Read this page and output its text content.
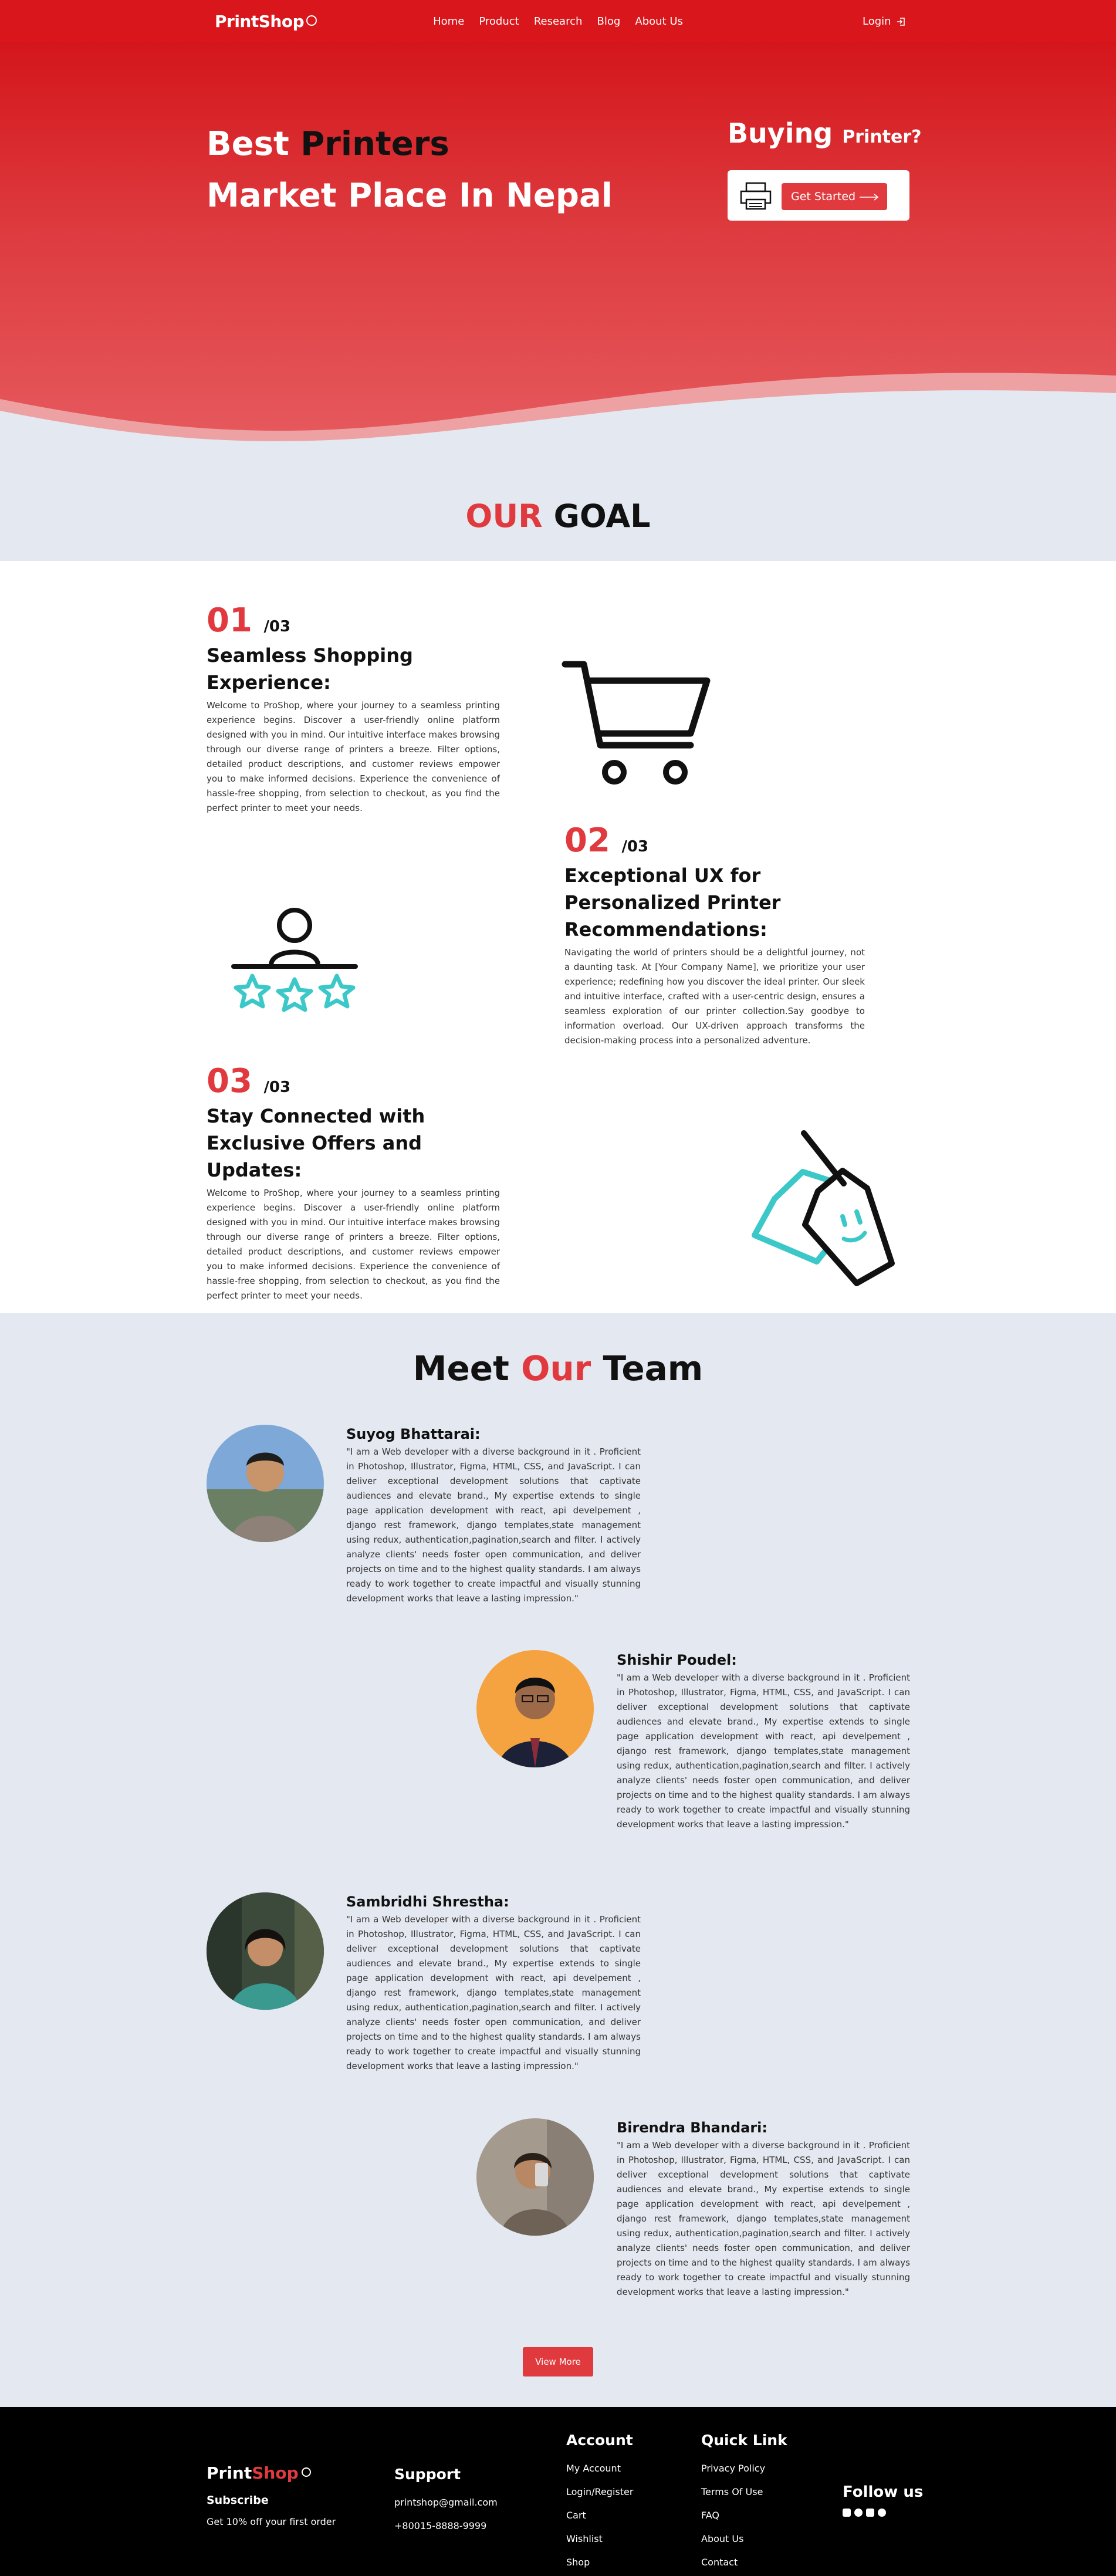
PrintShop	Home Product Research Blog About Us	Login
Best Printers
Market Place In Nepal
Buying Printer?
Get Started
OUR GOAL
01 /03
Seamless Shopping Experience:

Welcome to ProShop, where your journey to a seamless printing experience begins. Discover a user-friendly online platform designed with you in mind. Our intuitive interface makes browsing through our diverse range of printers a breeze. Filter options, detailed product descriptions, and customer reviews empower you to make informed decisions. Experience the convenience of hassle-free shopping, from selection to checkout, as you find the perfect printer to meet your needs.

02 /03
Exceptional UX for Personalized Printer Recommendations:

Navigating the world of printers should be a delightful journey, not a daunting task. At [Your Company Name], we prioritize your user experience; redefining how you discover the ideal printer. Our sleek and intuitive interface, crafted with a user-centric design, ensures a seamless exploration of our printer collection.Say goodbye to information overload. Our UX-driven approach transforms the decision-making process into a personalized adventure.

03 /03
Stay Connected with Exclusive Offers and Updates:

Welcome to ProShop, where your journey to a seamless printing experience begins. Discover a user-friendly online platform designed with you in mind. Our intuitive interface makes browsing through our diverse range of printers a breeze. Filter options, detailed product descriptions, and customer reviews empower you to make informed decisions. Experience the convenience of hassle-free shopping, from selection to checkout, as you find the perfect printer to meet your needs.

Meet Our Team
Suyog Bhattarai:

"I am a Web developer with a diverse background in it . Proficient in Photoshop, Illustrator, Figma, HTML, CSS, and JavaScript. I can deliver exceptional development solutions that captivate audiences and elevate brand., My expertise extends to single page application development with react, api develpement , django rest framework, django templates,state management using redux, authentication,pagination,search and filter. I actively analyze clients' needs foster open communication, and deliver projects on time and to the highest quality standards. I am always ready to work together to create impactful and visually stunning development works that leave a lasting impression."

Shishir Poudel:

"I am a Web developer with a diverse background in it . Proficient in Photoshop, Illustrator, Figma, HTML, CSS, and JavaScript. I can deliver exceptional development solutions that captivate audiences and elevate brand., My expertise extends to single page application development with react, api develpement , django rest framework, django templates,state management using redux, authentication,pagination,search and filter. I actively analyze clients' needs foster open communication, and deliver projects on time and to the highest quality standards. I am always ready to work together to create impactful and visually stunning development works that leave a lasting impression."

Sambridhi Shrestha:

"I am a Web developer with a diverse background in it . Proficient in Photoshop, Illustrator, Figma, HTML, CSS, and JavaScript. I can deliver exceptional development solutions that captivate audiences and elevate brand., My expertise extends to single page application development with react, api develpement , django rest framework, django templates,state management using redux, authentication,pagination,search and filter. I actively analyze clients' needs foster open communication, and deliver projects on time and to the highest quality standards. I am always ready to work together to create impactful and visually stunning development works that leave a lasting impression."

Birendra Bhandari:

"I am a Web developer with a diverse background in it . Proficient in Photoshop, Illustrator, Figma, HTML, CSS, and JavaScript. I can deliver exceptional development solutions that captivate audiences and elevate brand., My expertise extends to single page application development with react, api develpement , django rest framework, django templates,state management using redux, authentication,pagination,search and filter. I actively analyze clients' needs foster open communication, and deliver projects on time and to the highest quality standards. I am always ready to work together to create impactful and visually stunning development works that leave a lasting impression."

View More
PrintShop
Subscribe
Get 10% off your first order
Support
printshop@gmail.com
+80015-8888-9999
Account
My Account
Login/Register
Cart
Wishlist
Shop
Quick Link
Privacy Policy
Terms Of Use
FAQ
About Us
Contact
Follow us
